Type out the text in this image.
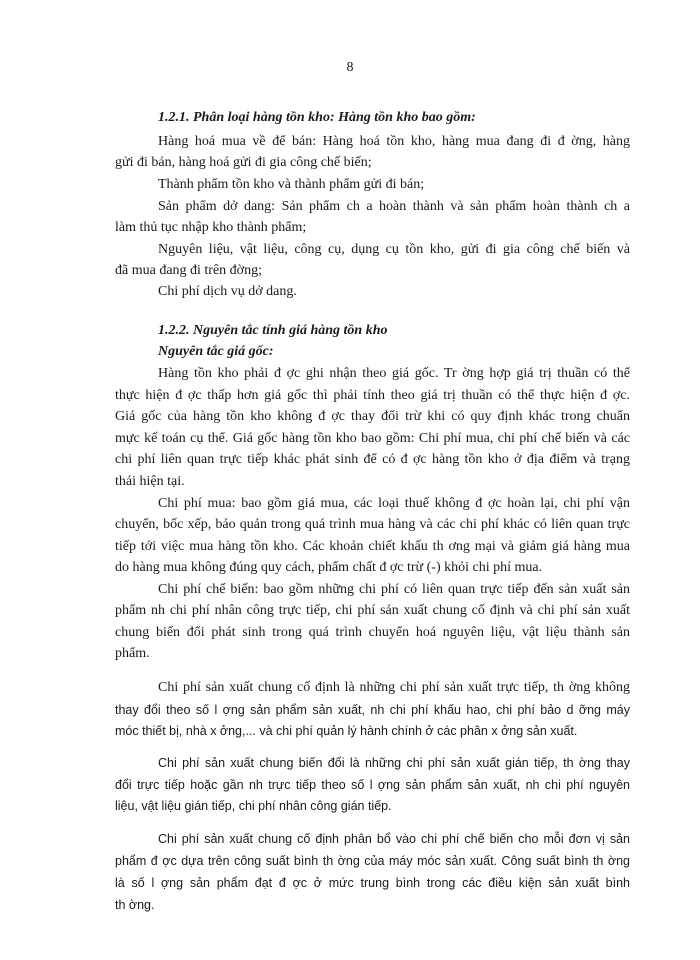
8
1.2.1. Phân loại hàng tồn kho: Hàng tồn kho bao gồm:
Hàng hoá mua về để bán: Hàng hoá tồn kho, hàng mua đang đi đ ờng, hàng
gửi đi bán, hàng hoá gửi đi gia công chế biến;
Thành phẩm tồn kho và thành phẩm gửi đi bán;
Sản phẩm dở dang: Sản phẩm ch a hoàn thành và sản phẩm hoàn thành ch a
làm thủ tục nhập kho thành phẩm;
Nguyên liệu, vật liệu, công cụ, dụng cụ tồn kho, gửi đi gia công chế biến và
đã mua đang đi trên đờng;
Chi phí dịch vụ dở dang.
1.2.2. Nguyên tắc tính giá hàng tồn kho
Nguyên tắc giá gốc:
Hàng tồn kho phải đ ợc ghi nhận theo giá gốc. Tr ờng hợp giá trị thuần có thể
thực hiện đ ợc thấp hơn giá gốc thì phải tính theo giá trị thuần có thể thực hiện đ ợc.
Giá gốc của hàng tồn kho không đ ợc thay đổi trừ khi có quy định khác trong chuẩn
mực kế toán cụ thể. Giá gốc hàng tồn kho bao gồm: Chi phí mua, chi phí chế biến và các
chi phí liên quan trực tiếp khác phát sinh để có đ ợc hàng tồn kho ở địa điểm và trạng
thái hiện tại.
Chi phí mua: bao gồm giá mua, các loại thuế không đ ợc hoàn lại, chi phí vận
chuyển, bốc xếp, bảo quản trong quá trình mua hàng và các chi phí khác có liên quan trực
tiếp tới việc mua hàng tồn kho. Các khoản chiết khấu th ơng mại và giảm giá hàng mua
do hàng mua không đúng quy cách, phẩm chất đ ợc trừ (-) khỏi chi phí mua.
Chi phí chế biến: bao gồm những chi phí có liên quan trực tiếp đến sản xuất sản
phẩm nh chi phí nhân công trực tiếp, chi phí sản xuất chung cố định và chi phí sản xuất
chung biến đổi phát sinh trong quá trình chuyển hoá nguyên liệu, vật liệu thành sản
phẩm.
Chi phí sản xuất chung cố định là những chi phí sản xuất trực tiếp, th ờng không
thay đổi theo số l ợng sản phẩm sản xuất, nh chi phí khấu hao, chi phí bảo d ỡng máy
móc thiết bị, nhà x ởng,... và chi phí quản lý hành chính ở các phân x ởng sản xuất.
Chi phí sản xuất chung biến đổi là những chi phí sản xuất gián tiếp, th ờng thay
đổi trực tiếp hoặc gần nh trực tiếp theo số l ợng sản phẩm sản xuất, nh chi phí nguyên
liệu, vật liệu gián tiếp, chi phí nhân công gián tiếp.
Chi phí sản xuất chung cố định phân bổ vào chi phí chế biến cho mỗi đơn vị sản
phẩm đ ợc dựa trên công suất bình th ờng của máy móc sản xuất. Công suất bình th ờng
là số l ợng sản phẩm đạt đ ợc ở mức trung bình trong các điều kiện sản xuất bình
th ờng.
